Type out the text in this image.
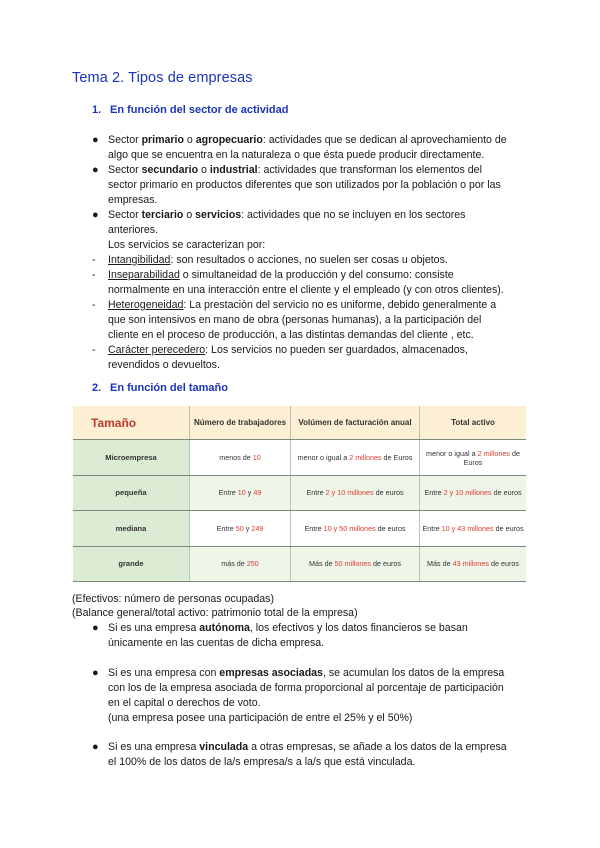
Tema 2. Tipos de empresas
1. En función del sector de actividad
● Sector primario o agropecuario: actividades que se dedican al aprovechamiento de
algo que se encuentra en la naturaleza o que ésta puede producir directamente.
● Sector secundario o industrial: actividades que transforman los elementos del
sector primario en productos diferentes que son utilizados por la población o por las
empresas.
● Sector terciario o servicios: actividades que no se incluyen en los sectores
anteriores.
Los servicios se caracterizan por:
-	Intangibilidad: son resultados o acciones, no suelen ser cosas u objetos.
-	Inseparabilidad o simultaneidad de la producción y del consumo: consiste
normalmente en una interacción entre el cliente y el empleado (y con otros clientes).
-	Heterogeneidad: La prestación del servicio no es uniforme, debido generalmente a
que son intensivos en mano de obra (personas humanas), a la participación del
cliente en el proceso de producción, a las distintas demandas del cliente , etc.
-	Carácter perecedero: Los servicios no pueden ser guardados, almacenados,
revendidos o devueltos.
2. En función del tamaño
Tamaño	Número de trabajadores	Volúmen de facturación anual	Total activo
Microempresa	menos de 10	menor o igual a 2 millones de Euros	menor o igual a 2 millones de Euros
pequeña	Entre 10 y 49	Entre 2 y 10 millones de euros	Entre 2 y 10 millones de euros
mediana	Entre 50 y 249	Entre 10 y 50 millones de euros	Entre 10 y 43 millones de euros
grande	más de 250	Más de 50 millones de euros	Más de 43 millones de euros
(Efectivos: número de personas ocupadas)
(Balance general/total activo: patrimonio total de la empresa)
● Si es una empresa autónoma, los efectivos y los datos financieros se basan
únicamente en las cuentas de dicha empresa.
● Si es una empresa con empresas asociadas, se acumulan los datos de la empresa
con los de la empresa asociada de forma proporcional al porcentaje de participación
en el capital o derechos de voto.
(una empresa posee una participación de entre el 25% y el 50%)
● Si es una empresa vinculada a otras empresas, se añade a los datos de la empresa
el 100% de los datos de la/s empresa/s a la/s que está vinculada.
